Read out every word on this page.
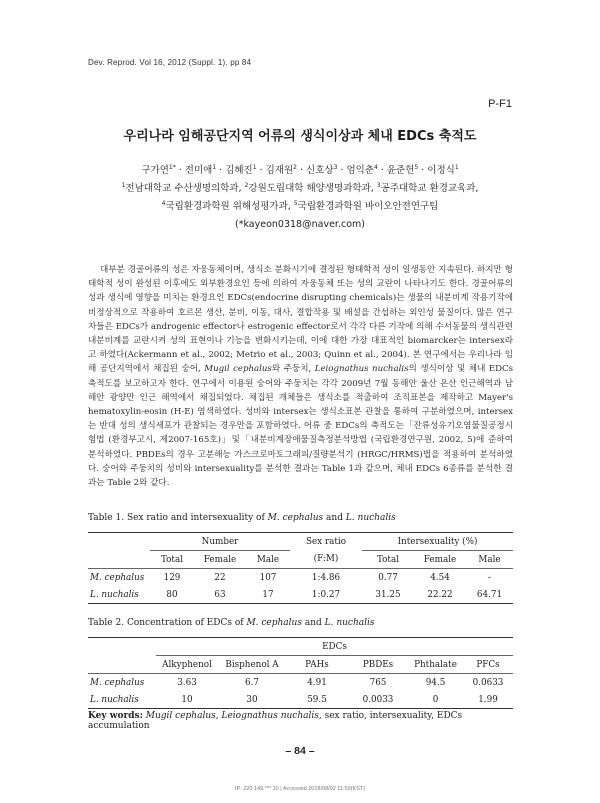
Dev. Reprod. Vol 16, 2012 (Suppl. 1). pp 84
P-F1
우리나라 임해공단지역 어류의 생식이상과 체내 EDCs 축적도
구가연$^{1*}$ · 전미애$^1$ · 김혜진$^1$ · 김재원$^2$ · 신호상$^3$ · 엄익춘$^4$ · 윤준헌$^5$ · 이정식$^1$
$^1$전남대학교 수산생명의학과, $^2$강원도립대학 해양생명과학과, $^3$공주대학교 환경교육과,
$^4$국립환경과학원 위해성평가과, $^5$국립환경과학원 바이오안전연구팀
(*kayeon0318@naver.com)

대부분 경골어류의 성은 자웅동체이며, 생식소 분화시기에 결정된 형태학적 성이 일생동안 지속된다. 하지만 형태학적 성이 완성된 이후에도 외부환경요인 등에 의하여 자웅동체 또는 성의 교란이 나타나기도 한다. 경골어류의 성과 생식에 영향을 미치는 환경요인 EDCs(endocrine disrupting chemicals)는 생물의 내분비계 작용기작에 비정상적으로 작용하여 호르몬 생산, 분비, 이동, 대사, 결합작용 및 배설을 간섭하는 외인성 물질이다. 많은 연구자들은 EDCs가 androgenic effector나 estrogenic effector로서 각각 다른 기작에 의해 수서동물의 생식관련 내분비계를 교란시켜 성의 표현이나 기능을 변화시키는데, 이에 대한 가장 대표적인 biomarcker는 intersex라고 하였다(Ackermann et al., 2002; Metrio et al., 2003; Quinn et al., 2004). 본 연구에서는 우리나라 임해 공단지역에서 채집된 숭어, Mugil cephalus와 주둥치, Leiognathus nuchalis의 생식이상 및 체내 EDCs 축적도를 보고하고자 한다. 연구에서 이용된 숭어와 주둥치는 각각 2009년 7월 동해안 울산 온산 인근해역과 남해안 광양만 인근 해역에서 채집되었다. 채집된 개체들은 생식소를 적출하여 조직표본을 제작하고 Mayer's hematoxylin-eosin (H-E) 염색하였다. 성비와 intersex는 생식소표본 관찰을 통하여 구분하였으며, intersex는 반대 성의 생식세포가 관찰되는 경우만을 포함하였다. 어류 중 EDCs의 축적도는「잔류성유기오염물질공정시험법 (환경부고시, 제2007-165호)」및「내분비계장애물질측정분석방법 (국립환경연구원, 2002, 5)에 준하여 분석하였다. PBDEs의 경우 고분해능 가스크로마토그래피/질량분석기 (HRGC/HRMS)법을 적용하여 분석하였다. 숭어와 주둥치의 성비와 intersexuality를 분석한 결과는 Table 1과 같으며, 체내 EDCs 6종류를 분석한 결과는 Table 2와 같다.

Table 1. Sex ratio and intersexuality of M. cephalus and L. nuchalis
	Number			Sex ratio	Intersexuality (%)		
	Total	Female	Male	(F:M)	Total	Female	Male
M. cephalus	129	22	107	1:4.86	0.77	4.54	-
L. nuchalis	80	63	17	1:0.27	31.25	22.22	64.71
Table 2. Concentration of EDCs of M. cephalus and L. nuchalis
	EDCs					
	Alkyphenol	Bisphenol A	PAHs	PBDEs	Phthalate	PFCs
M. cephalus	3.63	6.7	4.91	765	94.5	0.0633
L. nuchalis	10	30	59.5	0.0033	0	1.99
Key words: Mugil cephalus, Leiognathus nuchalis, sex ratio, intersexuality, EDCs accumulation
– 84 –
IP: 220.149.*** 10 | Accessed 2018/08/02 11:59(KST)
